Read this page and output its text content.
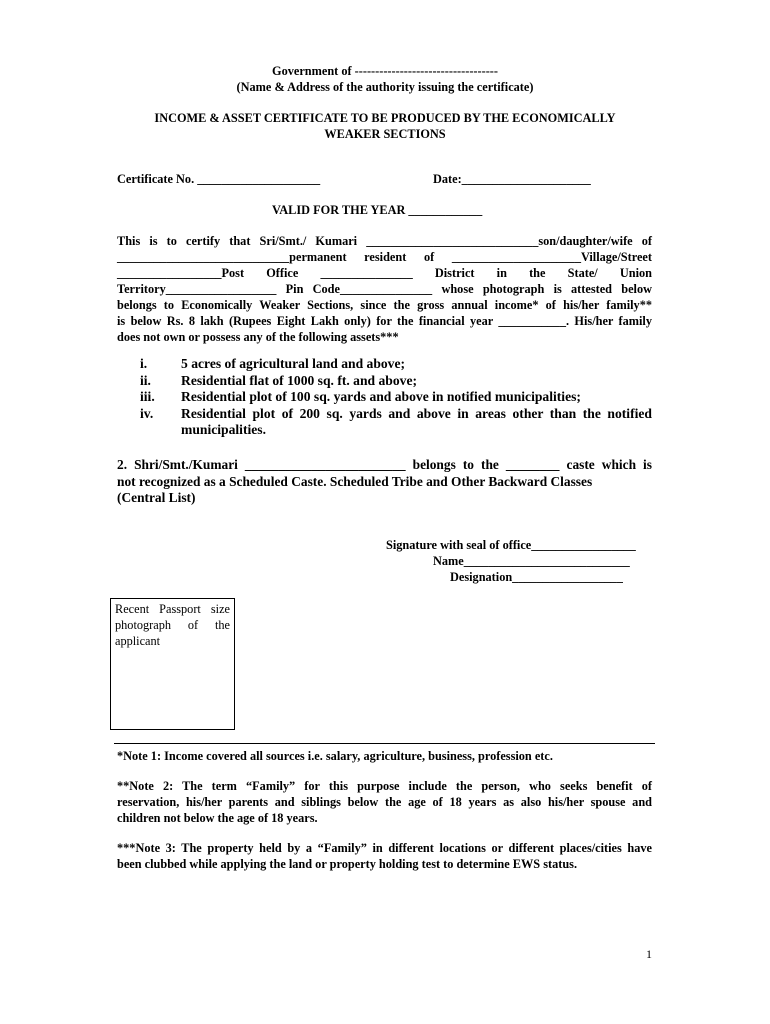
Government of -----------------------------------
(Name & Address of the authority issuing the certificate)
INCOME & ASSET CERTIFICATE TO BE PRODUCED BY THE ECONOMICALLY
WEAKER SECTIONS
Certificate No. ____________________	Date:_____________________
VALID FOR THE YEAR ____________
This is to certify that Sri/Smt./ Kumari ____________________________son/daughter/wife of
____________________________permanent resident of _____________________Village/Street
_________________Post Office _______________ District in the State/ Union
Territory__________________ Pin Code_______________ whose photograph is attested below
belongs to Economically Weaker Sections, since the gross annual income* of his/her family**
is below Rs. 8 lakh (Rupees Eight Lakh only) for the financial year ___________. His/her family
does not own or possess any of the following assets***
i. 5 acres of agricultural land and above;
ii. Residential flat of 1000 sq. ft. and above;
iii. Residential plot of 100 sq. yards and above in notified municipalities;
iv. Residential plot of 200 sq. yards and above in areas other than the notified municipalities.
2. Shri/Smt./Kumari ________________________ belongs to the ________ caste which is
not recognized as a Scheduled Caste. Scheduled Tribe and Other Backward Classes
(Central List)
Signature with seal of office_________________
Name___________________________
Designation__________________
Recent Passport size photograph of the applicant
*Note 1: Income covered all sources i.e. salary, agriculture, business, profession etc.
**Note 2: The term “Family” for this purpose include the person, who seeks benefit of
reservation, his/her parents and siblings below the age of 18 years as also his/her spouse and
children not below the age of 18 years.
***Note 3: The property held by a “Family” in different locations or different places/cities have
been clubbed while applying the land or property holding test to determine EWS status.
1
